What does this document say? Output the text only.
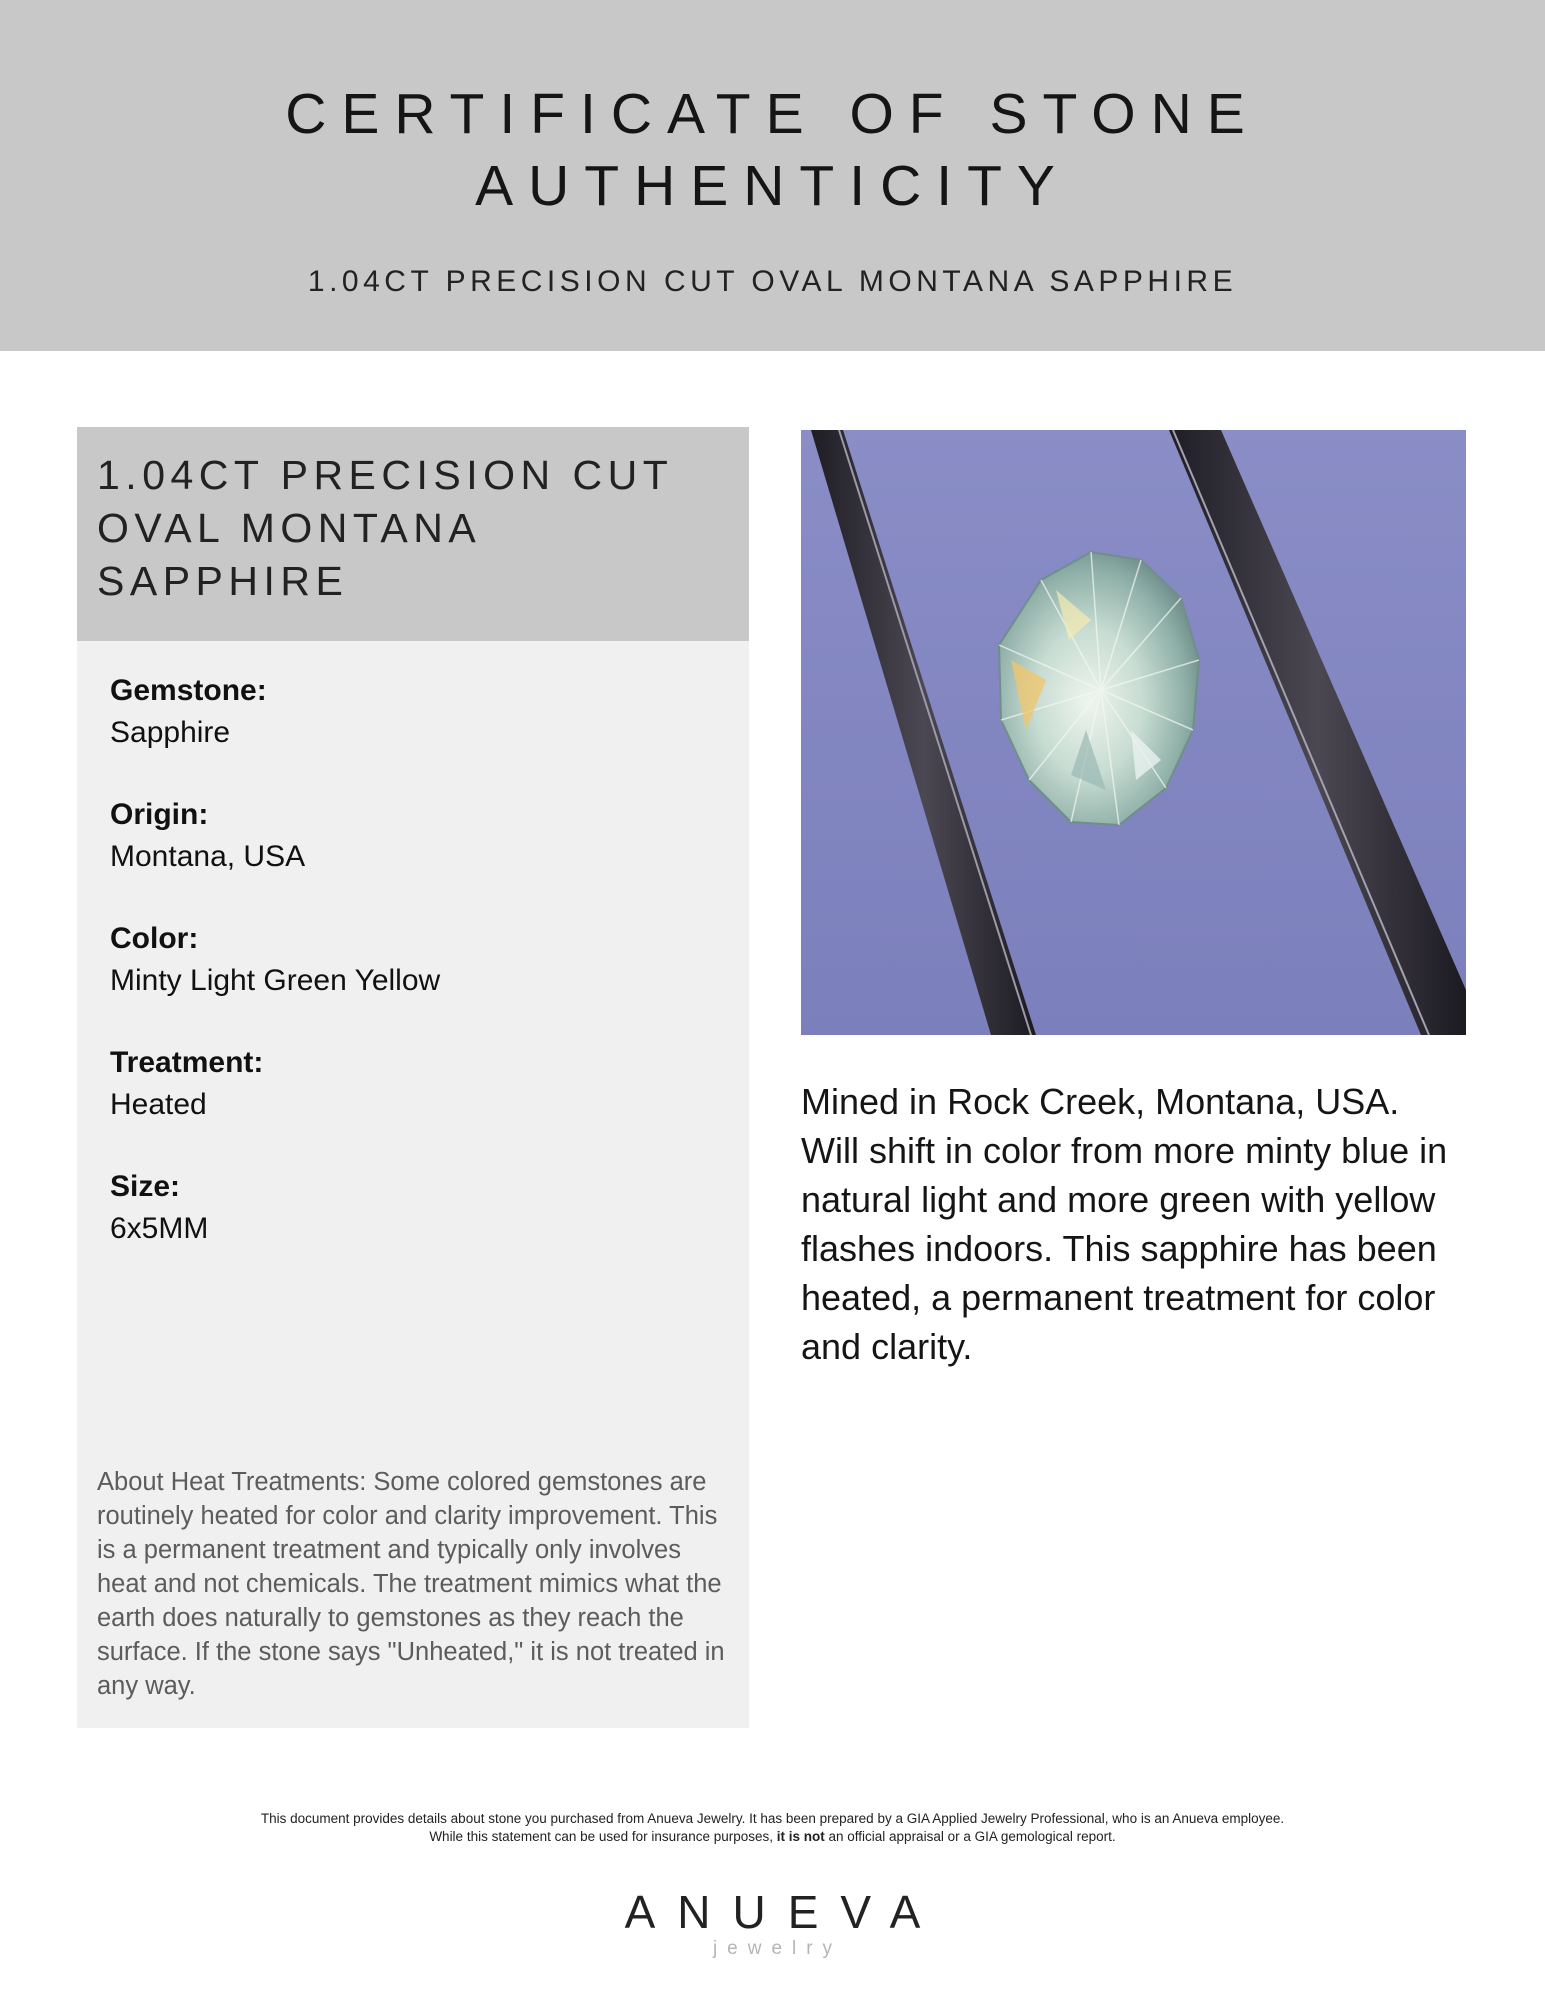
CERTIFICATE OF STONE
AUTHENTICITY
1.04CT PRECISION CUT OVAL MONTANA SAPPHIRE
1.04CT PRECISION CUT
OVAL MONTANA
SAPPHIRE
Gemstone:
Sapphire
Origin:
Montana, USA
Color:
Minty Light Green Yellow
Treatment:
Heated
Size:
6x5MM
About Heat Treatments: Some colored gemstones are routinely heated for color and clarity improvement. This is a permanent treatment and typically only involves heat and not chemicals. The treatment mimics what the earth does naturally to gemstones as they reach the surface. If the stone says "Unheated," it is not treated in any way.
Mined in Rock Creek, Montana, USA. Will shift in color from more minty blue in natural light and more green with yellow flashes indoors. This sapphire has been heated, a permanent treatment for color and clarity.
This document provides details about stone you purchased from Anueva Jewelry. It has been prepared by a GIA Applied Jewelry Professional, who is an Anueva employee.
While this statement can be used for insurance purposes, it is not an official appraisal or a GIA gemological report.
ANUEVA
jewelry
